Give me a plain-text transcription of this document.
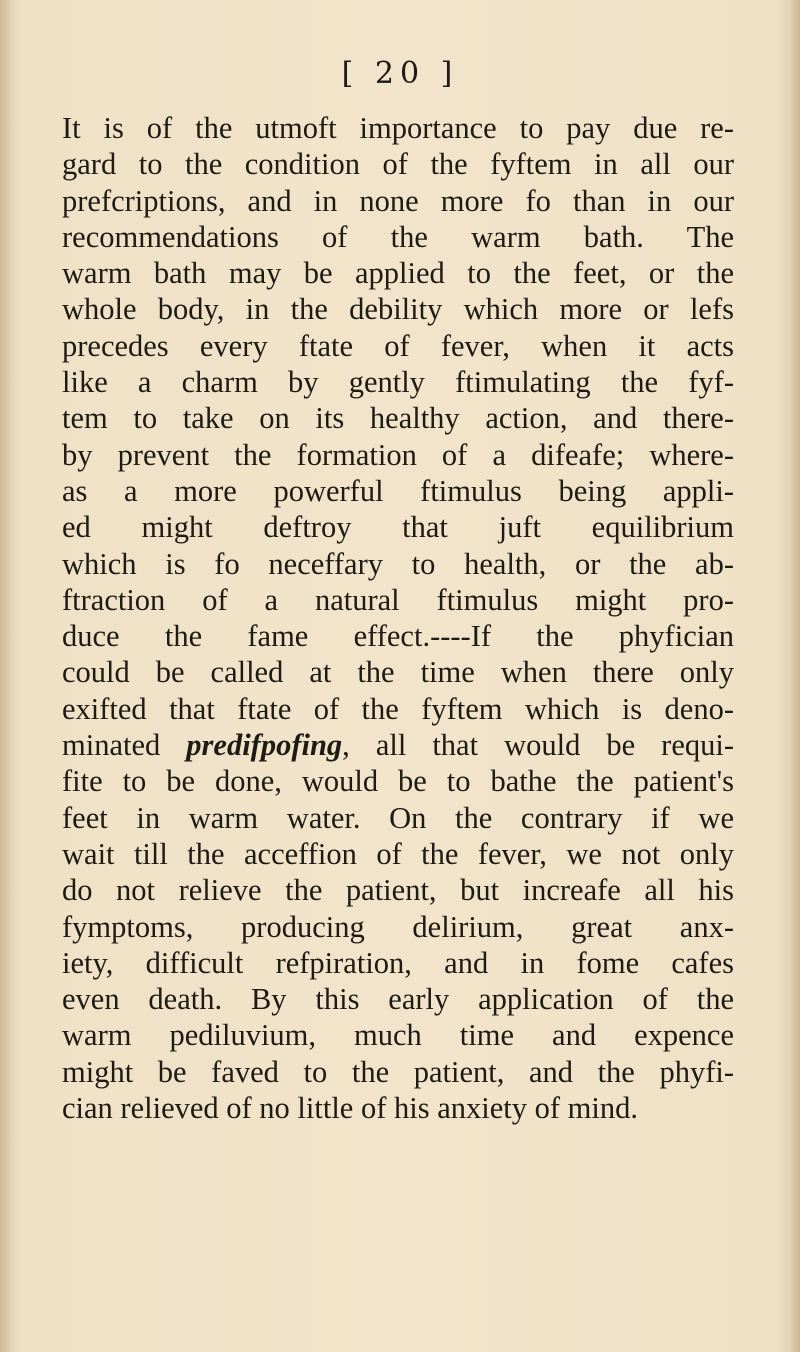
[ 20 ]
It is of the utmoft importance to pay due re-
gard to the condition of the fyftem in all our
prefcriptions, and in none more fo than in our
recommendations of the warm bath. The
warm bath may be applied to the feet, or the
whole body, in the debility which more or lefs
precedes every ftate of fever, when it acts
like a charm by gently ftimulating the fyf-
tem to take on its healthy action, and there-
by prevent the formation of a difeafe; where-
as a more powerful ftimulus being appli-
ed might deftroy that juft equilibrium
which is fo neceffary to health, or the ab-
ftraction of a natural ftimulus might pro-
duce the fame effect.----If the phyfician
could be called at the time when there only
exifted that ftate of the fyftem which is deno-
minated predifpofing, all that would be requi-
fite to be done, would be to bathe the patient's
feet in warm water. On the contrary if we
wait till the acceffion of the fever, we not only
do not relieve the patient, but increafe all his
fymptoms, producing delirium, great anx-
iety, difficult refpiration, and in fome cafes
even death. By this early application of the
warm pediluvium, much time and expence
might be faved to the patient, and the phyfi-
cian relieved of no little of his anxiety of mind.
